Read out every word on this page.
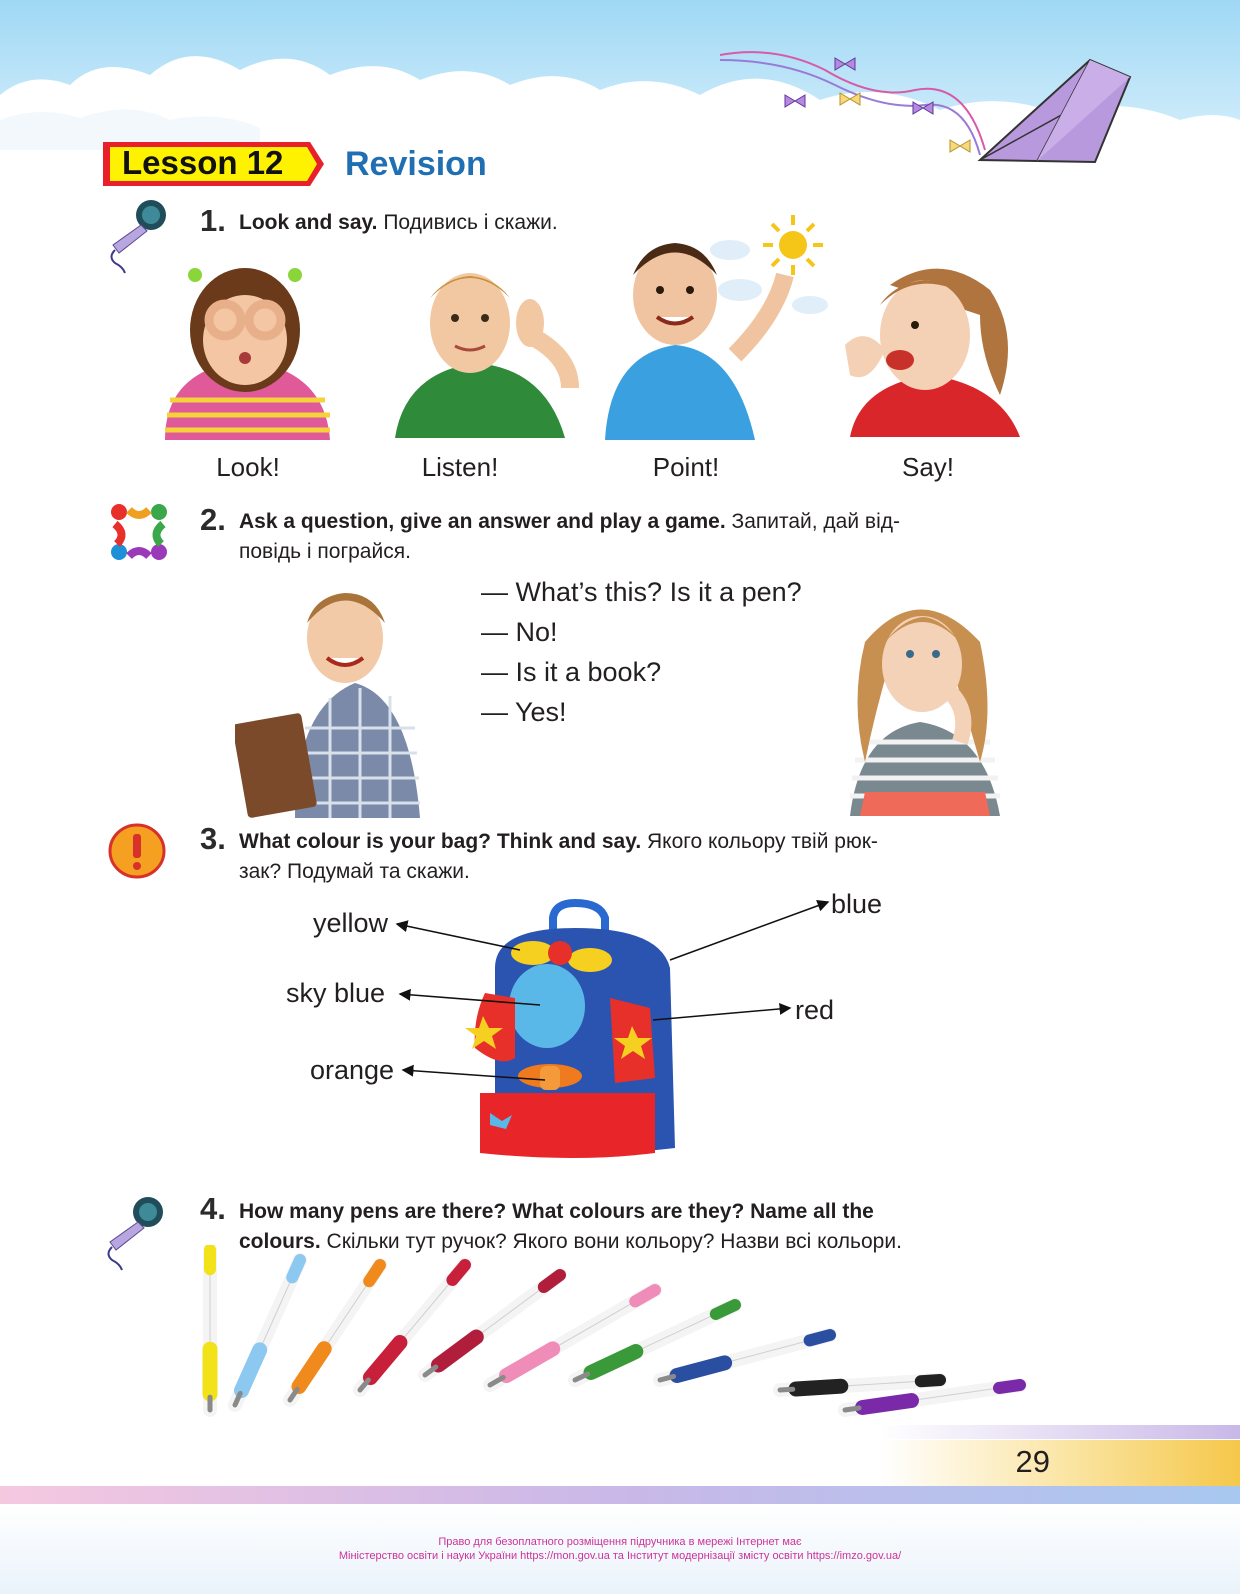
Lesson 12 Revision
1. Look and say. Подивись і скажи.
Look!	Listen!	Point!	Say!
2. Ask a question, give an answer and play a game. Запитай, дай від-
повідь і пограйся.
— What’s this? Is it a pen?
— No!
— Is it a book?
— Yes!
3. What colour is your bag? Think and say. Якого кольору твій рюк-
зак? Подумай та скажи.
yellow
sky blue
orange
blue
red
4. How many pens are there? What colours are they? Name all the
colours. Скільки тут ручок? Якого вони кольору? Назви всі кольори.
29
Право для безоплатного розміщення підручника в мережі Інтернет має
Міністерство освіти і науки України https://mon.gov.ua та Інститут модернізації змісту освіти https://imzo.gov.ua/
